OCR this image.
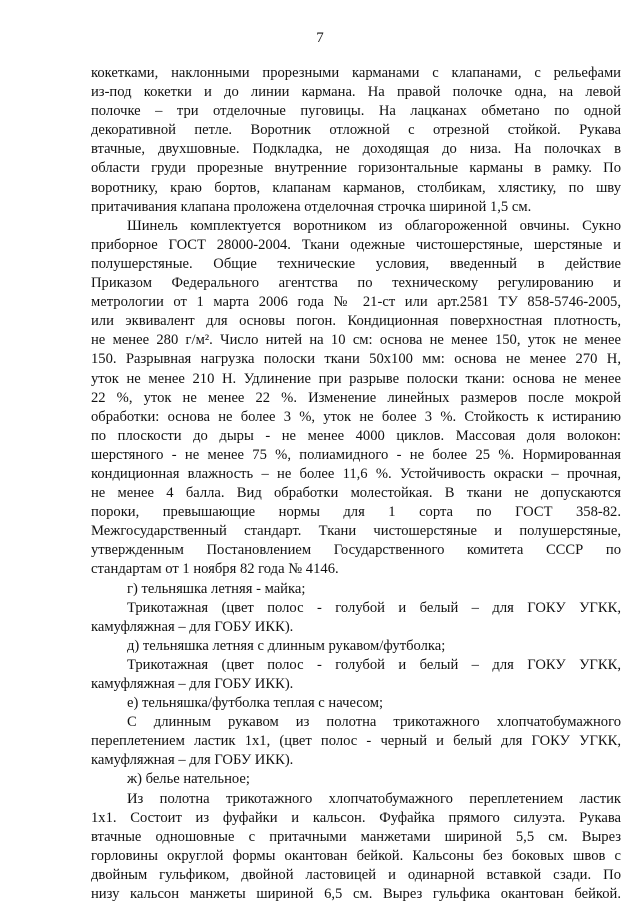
7
кокетками, наклонными прорезными карманами с клапанами, с рельефами
из-под кокетки и до линии кармана. На правой полочке одна, на левой
полочке – три отделочные пуговицы. На лацканах обметано по одной
декоративной петле. Воротник отложной с отрезной стойкой. Рукава
втачные, двухшовные. Подкладка, не доходящая до низа. На полочках в
области груди прорезные внутренние горизонтальные карманы в рамку. По
воротнику, краю бортов, клапанам карманов, столбикам, хлястику, по шву
притачивания клапана проложена отделочная строчка шириной 1,5 см.
Шинель комплектуется воротником из облагороженной овчины. Сукно
приборное ГОСТ 28000-2004. Ткани одежные чистошерстяные, шерстяные и
полушерстяные. Общие технические условия, введенный в действие
Приказом Федерального агентства по техническому регулированию и
метрологии от 1 марта 2006 года № 21-ст или арт.2581 ТУ 858-5746-2005,
или эквивалент для основы погон. Кондиционная поверхностная плотность,
не менее 280 г/м². Число нитей на 10 см: основа не менее 150, уток не менее
150. Разрывная нагрузка полоски ткани 50х100 мм: основа не менее 270 Н,
уток не менее 210 Н. Удлинение при разрыве полоски ткани: основа не менее
22 %, уток не менее 22 %. Изменение линейных размеров после мокрой
обработки: основа не более 3 %, уток не более 3 %. Стойкость к истиранию
по плоскости до дыры - не менее 4000 циклов. Массовая доля волокон:
шерстяного - не менее 75 %, полиамидного - не более 25 %. Нормированная
кондиционная влажность – не более 11,6 %. Устойчивость окраски – прочная,
не менее 4 балла. Вид обработки молестойкая. В ткани не допускаются
пороки, превышающие нормы для 1 сорта по ГОСТ 358-82.
Межгосударственный стандарт. Ткани чистошерстяные и полушерстяные,
утвержденным Постановлением Государственного комитета СССР по
стандартам от 1 ноября 82 года № 4146.
г) тельняшка летняя - майка;
Трикотажная (цвет полос - голубой и белый – для ГОКУ УГКК,
камуфляжная – для ГОБУ ИКК).
д) тельняшка летняя с длинным рукавом/футболка;
Трикотажная (цвет полос - голубой и белый – для ГОКУ УГКК,
камуфляжная – для ГОБУ ИКК).
е) тельняшка/футболка теплая с начесом;
С длинным рукавом из полотна трикотажного хлопчатобумажного
переплетением ластик 1х1, (цвет полос - черный и белый для ГОКУ УГКК,
камуфляжная – для ГОБУ ИКК).
ж) белье нательное;
Из полотна трикотажного хлопчатобумажного переплетением ластик
1х1. Состоит из фуфайки и кальсон. Фуфайка прямого силуэта. Рукава
втачные одношовные с притачными манжетами шириной 5,5 см. Вырез
горловины округлой формы окантован бейкой. Кальсоны без боковых швов с
двойным гульфиком, двойной ластовицей и одинарной вставкой сзади. По
низу кальсон манжеты шириной 6,5 см. Вырез гульфика окантован бейкой.
